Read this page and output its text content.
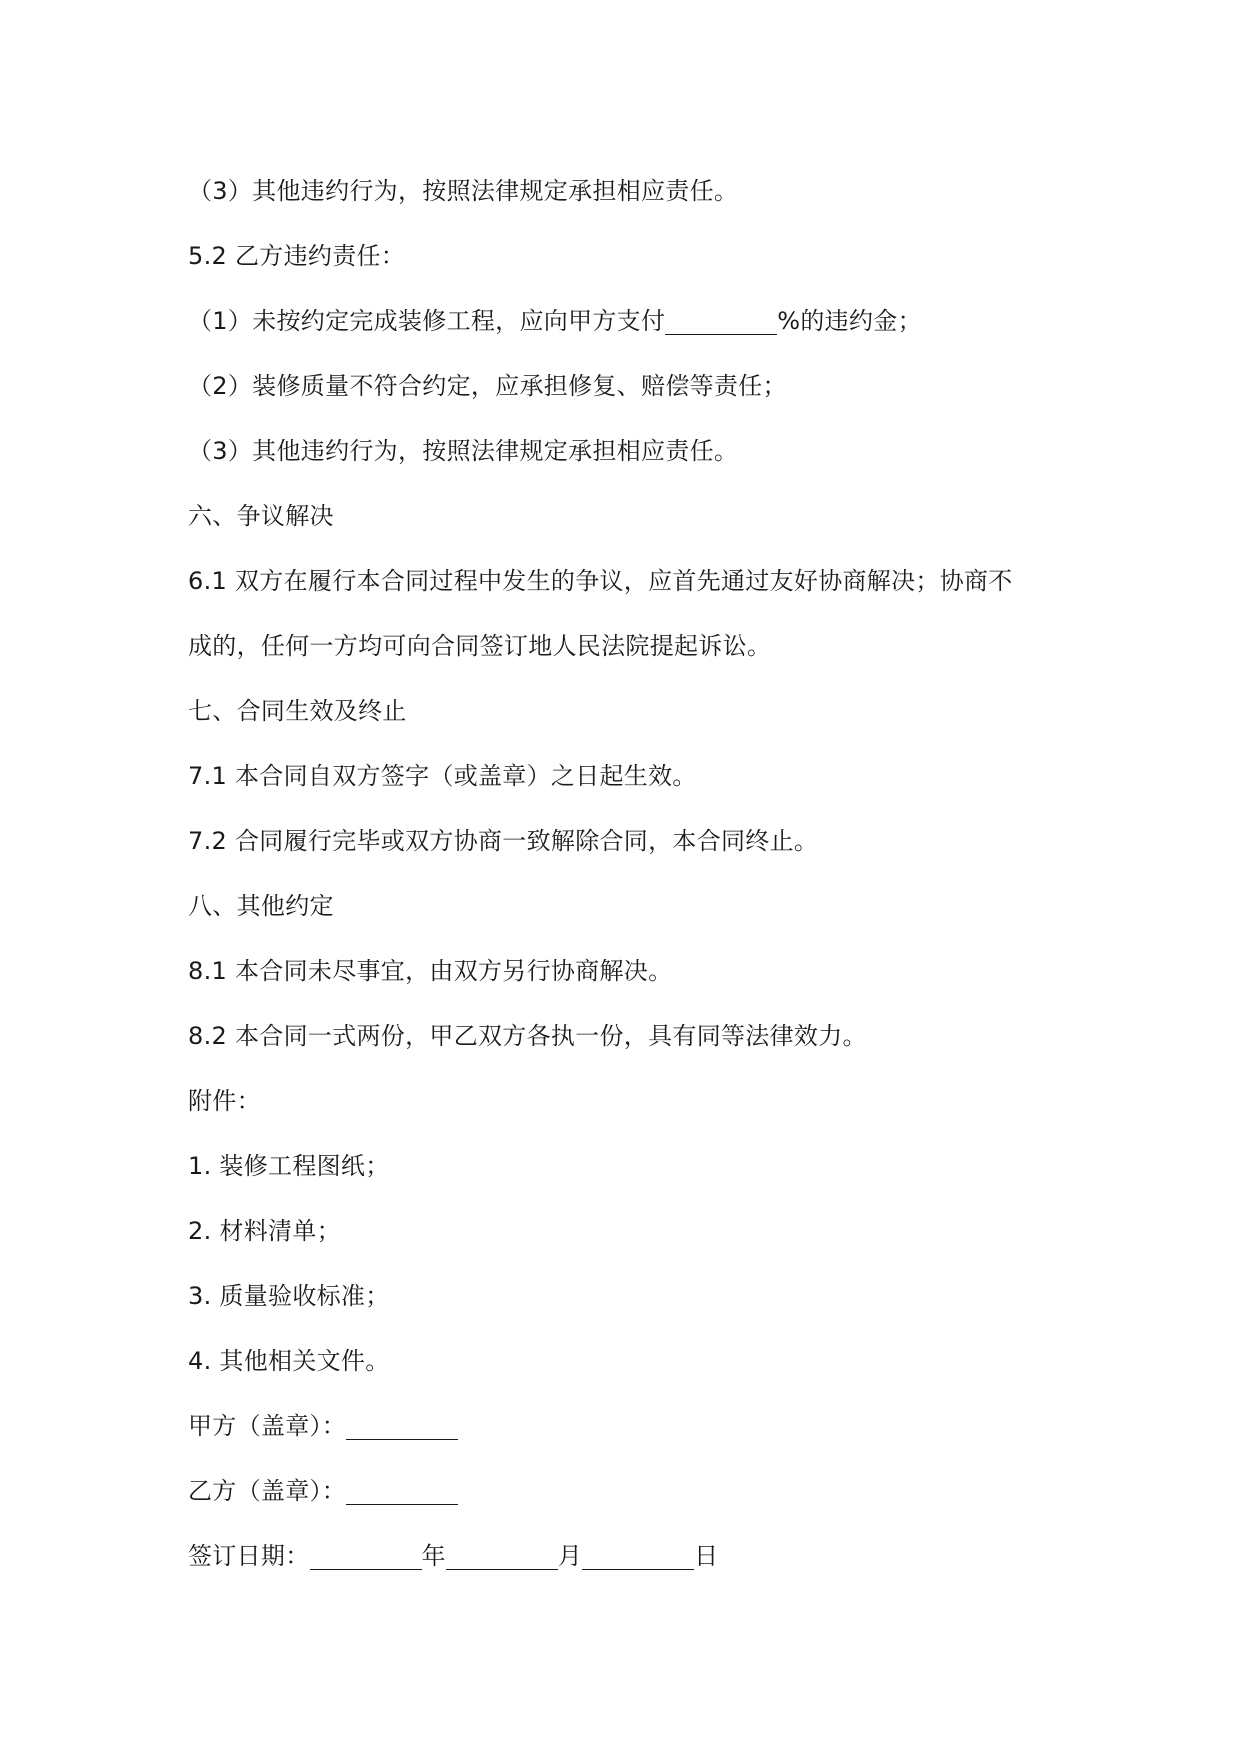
（3）其他违约行为，按照法律规定承担相应责任。
5.2 乙方违约责任：
（1）未按约定完成装修工程，应向甲方支付	%的违约金；
（2）装修质量不符合约定，应承担修复、赔偿等责任；
（3）其他违约行为，按照法律规定承担相应责任。
六、争议解决
6.1 双方在履行本合同过程中发生的争议，应首先通过友好协商解决；协商不
成的，任何一方均可向合同签订地人民法院提起诉讼。
七、合同生效及终止
7.1 本合同自双方签字（或盖章）之日起生效。
7.2 合同履行完毕或双方协商一致解除合同，本合同终止。
八、其他约定
8.1 本合同未尽事宜，由双方另行协商解决。
8.2 本合同一式两份，甲乙双方各执一份，具有同等法律效力。
附件：
1. 装修工程图纸；
2. 材料清单；
3. 质量验收标准；
4. 其他相关文件。
甲方（盖章）：
乙方（盖章）：
签订日期：	年	月	日
